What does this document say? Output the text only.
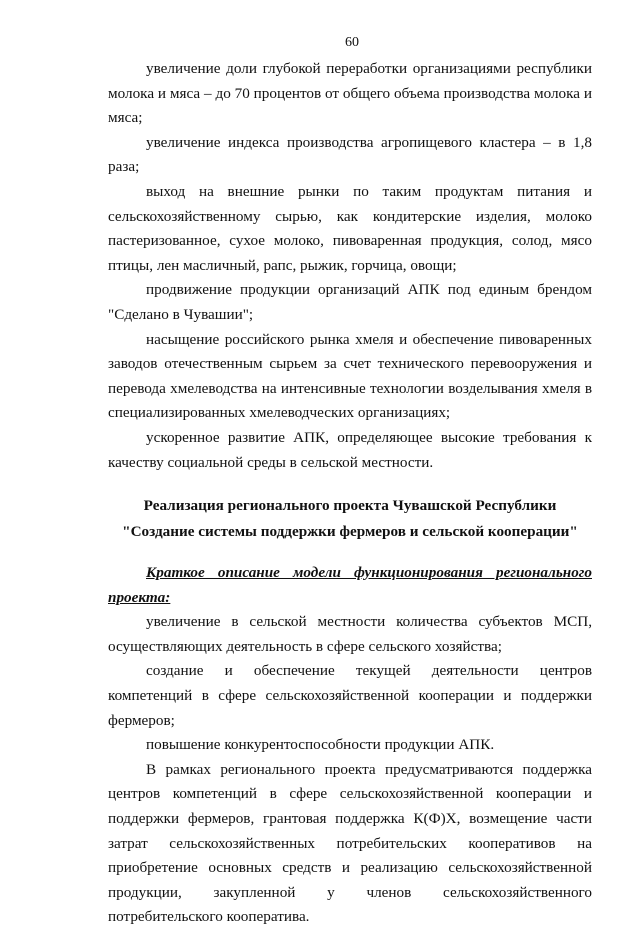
60

увеличение доли глубокой переработки организациями республики молока и мяса – до 70 процентов от общего объема производства молока и мяса;

увеличение индекса производства агропищевого кластера – в 1,8 раза;

выход на внешние рынки по таким продуктам питания и сельскохозяйственному сырью, как кондитерские изделия, молоко пастеризованное, сухое молоко, пивоваренная продукция, солод, мясо птицы, лен масличный, рапс, рыжик, горчица, овощи;

продвижение продукции организаций АПК под единым брендом "Сделано в Чувашии";

насыщение российского рынка хмеля и обеспечение пивоваренных заводов отечественным сырьем за счет технического перевооружения и перевода хмелеводства на интенсивные технологии возделывания хмеля в специализированных хмелеводческих организациях;

ускоренное развитие АПК, определяющее высокие требования к качеству социальной среды в сельской местности.

Реализация регионального проекта Чувашской Республики
"Создание системы поддержки фермеров и сельской кооперации"
Краткое описание модели функционирования регионального проекта:

увеличение в сельской местности количества субъектов МСП, осуществляющих деятельность в сфере сельского хозяйства;

создание и обеспечение текущей деятельности центров компетенций в сфере сельскохозяйственной кооперации и поддержки фермеров;

повышение конкурентоспособности продукции АПК.

В рамках регионального проекта предусматриваются поддержка центров компетенций в сфере сельскохозяйственной кооперации и поддержки фермеров, грантовая поддержка К(Ф)Х, возмещение части затрат сельскохозяйственных потребительских кооперативов на приобретение основных средств и реализацию сельскохозяйственной продукции, закупленной у членов сельскохозяйственного потребительского кооператива.
